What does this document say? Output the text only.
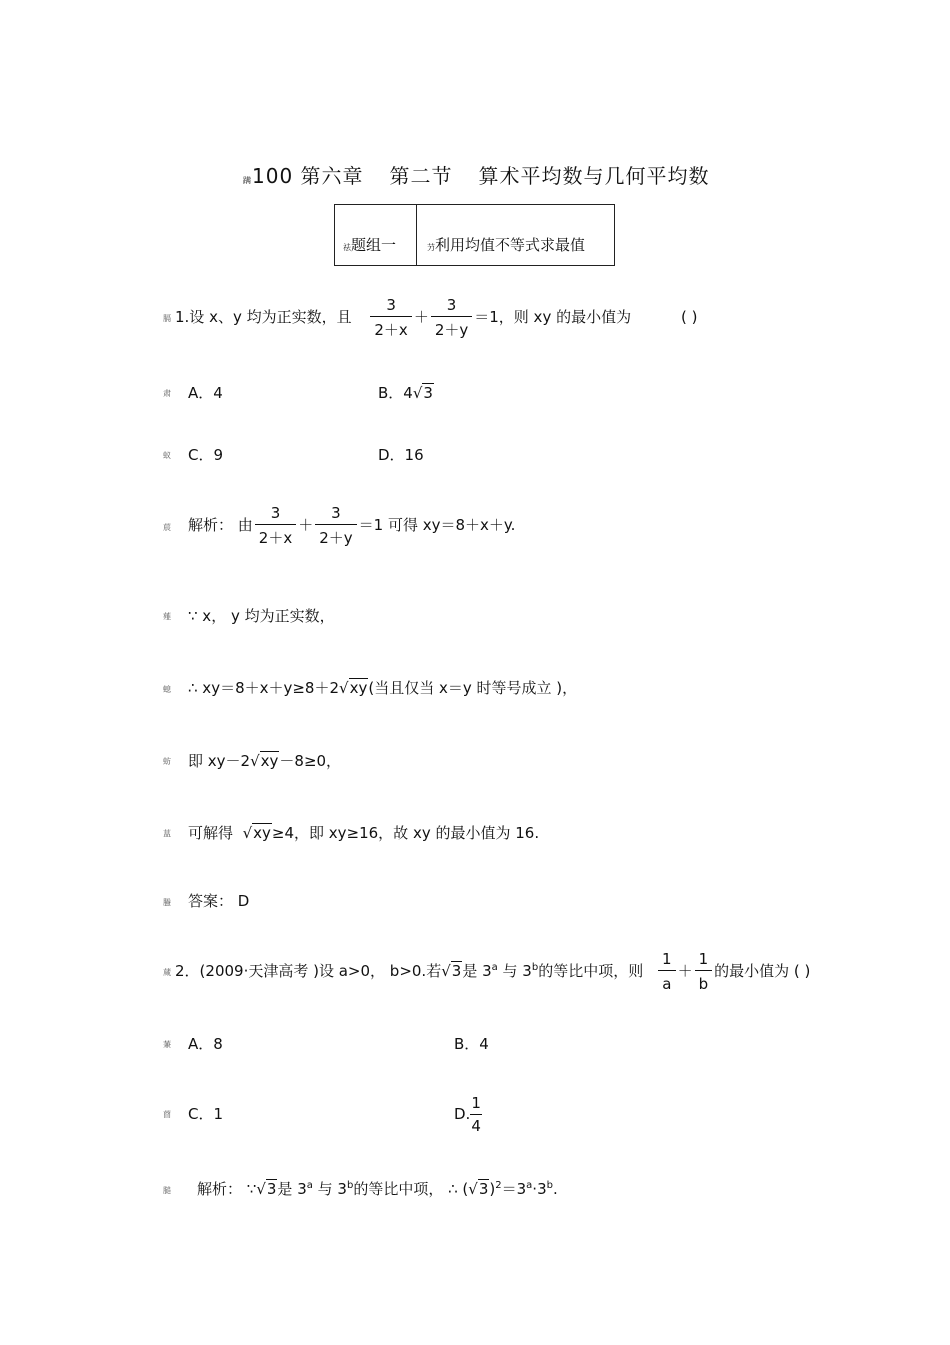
蹒100 第六章 第二节 算术平均数与几何平均数
祛题组一	芀利用均值不等式求最值
膈
肃
蚁
莀
薤
螅
蚄
蒀
螣
蒇
蒹
莔
膇
1.设 x、y 均为正实数，且 $\frac{3}{2+x} + \frac{3}{2+y} =1$，则 xy 的最小值为	( )
A．4	B．4√3
C．9	D．16
解析： 由 $\frac{3}{2+x} + \frac{3}{2+y} =1$ 可得 xy＝8＋x＋y.
∵ x， y 均为正实数，
∴ xy＝8＋x＋y≥8＋2√xy(当且仅当 x＝y 时等号成立 )，
即 xy－2√xy－8≥0，
可解得 √xy≥4，即 xy≥16，故 xy 的最小值为 16.
答案： D
2．(2009·天津高考 )设 a>0， b>0.若√3是 3$^a$ 与 3$^b$的等比中项，则 $\frac{1}{a} + \frac{1}{b}$ 的最小值为 ( )
A．8	B．4
C．1	D. $\frac{1}{4}$
解析： ∵√3是 3$^a$ 与 3$^b$的等比中项， ∴ $(√3)^2=3^a\cdot 3^b$.
